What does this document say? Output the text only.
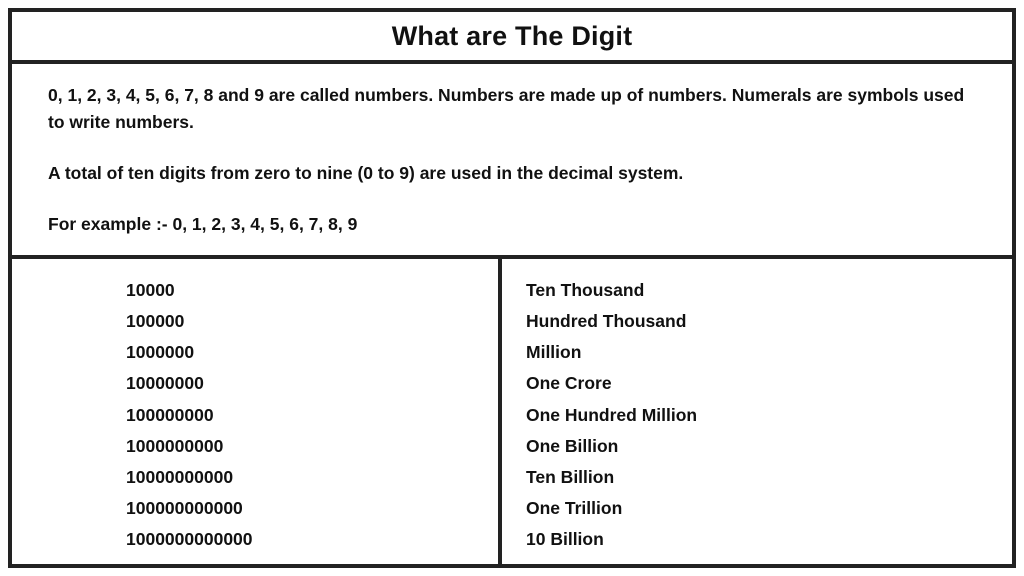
What are The Digit

0, 1, 2, 3, 4, 5, 6, 7, 8 and 9 are called numbers. Numbers are made up of numbers. Numerals are symbols used to write numbers.

A total of ten digits from zero to nine (0 to 9) are used in the decimal system.

For example :- 0, 1, 2, 3, 4, 5, 6, 7, 8, 9

10000
100000
1000000
10000000
100000000
1000000000
10000000000
100000000000
1000000000000
Ten Thousand
Hundred Thousand
Million
One Crore
One Hundred Million
One Billion
Ten Billion
One Trillion
10 Billion
